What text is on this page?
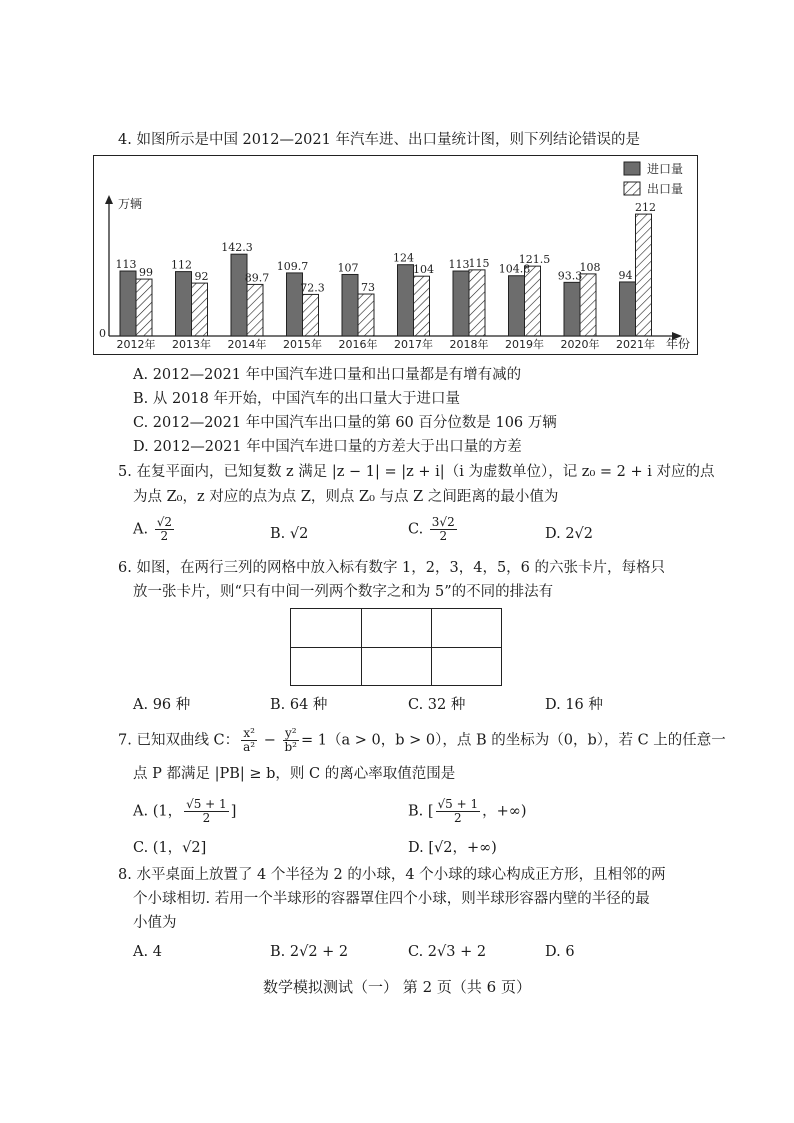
4. 如图所示是中国 2012—2021 年汽车进、出口量统计图，则下列结论错误的是
万辆
0
年份
进口量
出口量
113
99
2012年
112
92
2013年
142.3
89.7
2014年
109.7
72.3
2015年
107
73
2016年
124
104
2017年
113 115
2018年
104.8
121.5
2019年
93.3
108
2020年
94
212
2021年
A. 2012—2021 年中国汽车进口量和出口量都是有增有减的
B. 从 2018 年开始，中国汽车的出口量大于进口量
C. 2012—2021 年中国汽车出口量的第 60 百分位数是 106 万辆
D. 2012—2021 年中国汽车进口量的方差大于出口量的方差
5. 在复平面内，已知复数 z 满足 |z − 1| = |z + i|（i 为虚数单位），记 z₀ = 2 + i 对应的点
为点 Z₀，z 对应的点为点 Z，则点 Z₀ 与点 Z 之间距离的最小值为
A. $\frac{√2}{2}$	B. √2	C. $\frac{3√2}{2}$	D. 2√2
6. 如图，在两行三列的网格中放入标有数字 1，2，3，4，5，6 的六张卡片，每格只
放一张卡片，则“只有中间一列两个数字之和为 5”的不同的排法有
A. 96 种	B. 64 种	C. 32 种	D. 16 种
7. 已知双曲线 C： $\frac{\text{x²}}{\text{a²}} - \frac{\text{y²}}{\text{b²}} = 1(a > 0$，b > 0），点 B 的坐标为（0，b），若 C 上的任意一
点 P 都满足 |PB| ≥ b，则 C 的离心率取值范围是
A. (1， $\frac{√5 + 1}{2}$ ]	B. [ $\frac{√5 + 1}{2}$ ，+∞)
C. (1，√2]	D. [√2，+∞)
8. 水平桌面上放置了 4 个半径为 2 的小球，4 个小球的球心构成正方形，且相邻的两
个小球相切. 若用一个半球形的容器罩住四个小球，则半球形容器内壁的半径的最
小值为
A. 4	B. 2√2 + 2	C. 2√3 + 2	D. 6
数学模拟测试（一） 第 2 页（共 6 页）
